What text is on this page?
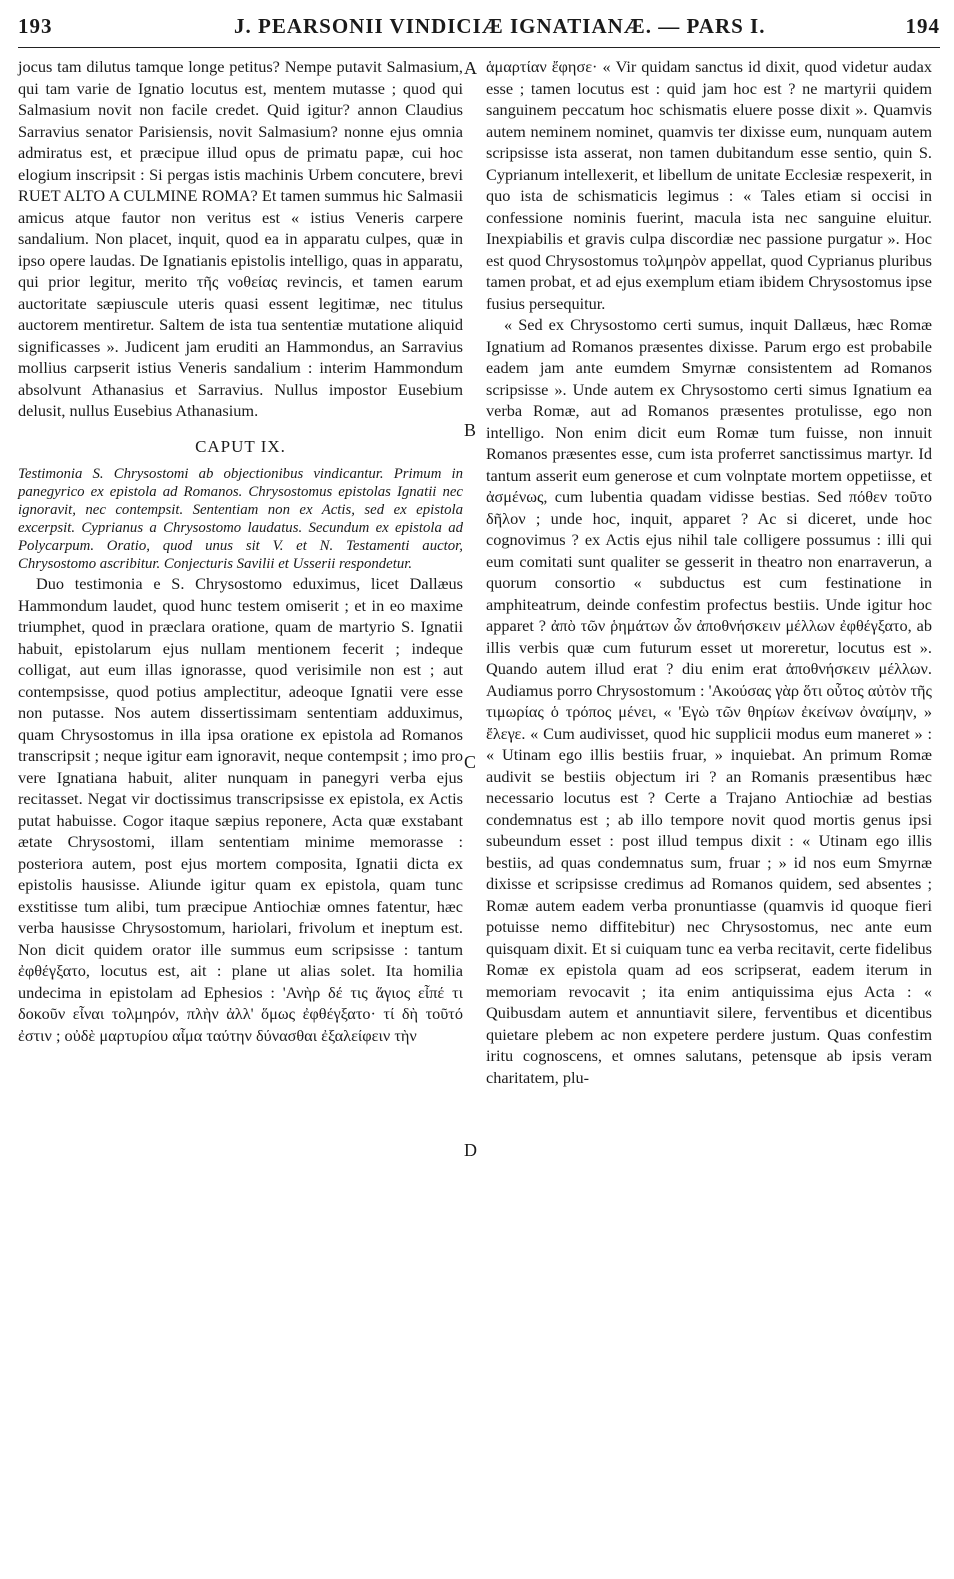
193	J. PEARSONII VINDICIÆ IGNATIANÆ. — PARS I.	194

jocus tam dilutus tamque longe petitus? Nempe putavit Salmasium, qui tam varie de Ignatio locutus est, mentem mutasse ; quod qui Salmasium novit non facile credet. Quid igitur? annon Claudius Sarravius senator Parisiensis, novit Salmasium? nonne ejus omnia admiratus est, et præcipue illud opus de primatu papæ, cui hoc elogium inscripsit : Si pergas istis machinis Urbem concutere, brevi RUET ALTO A CULMINE ROMA? Et tamen summus hic Salmasii amicus atque fautor non veritus est « istius Veneris carpere sandalium. Non placet, inquit, quod ea in apparatu culpes, quæ in ipso opere laudas. De Ignatianis epistolis intelligo, quas in apparatu, qui prior legitur, merito τῆς νοθείας revincis, et tamen earum auctoritate sæpiuscule uteris quasi essent legitimæ, nec titulus auctorem mentiretur. Saltem de ista tua sententiæ mutatione aliquid significasses ». Judicent jam eruditi an Hammondus, an Sarravius mollius carpserit istius Veneris sandalium : interim Hammondum absolvunt Athanasius et Sarravius. Nullus impostor Eusebium delusit, nullus Eusebius Athanasium.

CAPUT IX.

Testimonia S. Chrysostomi ab objectionibus vindicantur. Primum in panegyrico ex epistola ad Romanos. Chrysostomus epistolas Ignatii nec ignoravit, nec contempsit. Sententiam non ex Actis, sed ex epistola excerpsit. Cyprianus a Chrysostomo laudatus. Secundum ex epistola ad Polycarpum. Oratio, quod unus sit V. et N. Testamenti auctor, Chrysostomo ascribitur. Conjecturis Savilii et Usserii respondetur.

Duo testimonia e S. Chrysostomo eduximus, licet Dallæus Hammondum laudet, quod hunc testem omiserit ; et in eo maxime triumphet, quod in præclara oratione, quam de martyrio S. Ignatii habuit, epistolarum ejus nullam mentionem fecerit ; indeque colligat, aut eum illas ignorasse, quod verisimile non est ; aut contempsisse, quod potius amplectitur, adeoque Ignatii vere esse non putasse. Nos autem dissertissimam sententiam adduximus, quam Chrysostomus in illa ipsa oratione ex epistola ad Romanos transcripsit ; neque igitur eam ignoravit, neque contempsit ; imo pro vere Ignatiana habuit, aliter nunquam in panegyri verba ejus recitasset. Negat vir doctissimus transcripsisse ex epistola, ex Actis putat habuisse. Cogor itaque sæpius reponere, Acta quæ exstabant ætate Chrysostomi, illam sententiam minime memorasse : posteriora autem, post ejus mortem composita, Ignatii dicta ex epistolis hausisse. Aliunde igitur quam ex epistola, quam tunc exstitisse tum alibi, tum præcipue Antiochiæ omnes fatentur, hæc verba hausisse Chrysostomum, hariolari, frivolum et ineptum est. Non dicit quidem orator ille summus eum scripsisse : tantum ἐφθέγξατο, locutus est, ait : plane ut alias solet. Ita homilia undecima in epistolam ad Ephesios : 'Ανὴρ δέ τις ἅγιος εἶπέ τι δοκοῦν εἶναι τολμηρόν, πλὴν ἀλλ' ὅμως ἐφθέγξατο· τί δὴ τοῦτό ἐστιν ; οὐδὲ μαρτυρίου αἷμα ταύτην δύνασθαι ἐξαλείφειν τὴν

A
B
C
D

ἁμαρτίαν ἔφησε· « Vir quidam sanctus id dixit, quod videtur audax esse ; tamen locutus est : quid jam hoc est ? ne martyrii quidem sanguinem peccatum hoc schismatis eluere posse dixit ». Quamvis autem neminem nominet, quamvis ter dixisse eum, nunquam autem scripsisse ista asserat, non tamen dubitandum esse sentio, quin S. Cyprianum intellexerit, et libellum de unitate Ecclesiæ respexerit, in quo ista de schismaticis legimus : « Tales etiam si occisi in confessione nominis fuerint, macula ista nec sanguine eluitur. Inexpiabilis et gravis culpa discordiæ nec passione purgatur ». Hoc est quod Chrysostomus τολμηρὸν appellat, quod Cyprianus pluribus tamen probat, et ad ejus exemplum etiam ibidem Chrysostomus ipse fusius persequitur.

« Sed ex Chrysostomo certi sumus, inquit Dallæus, hæc Romæ Ignatium ad Romanos præsentes dixisse. Parum ergo est probabile eadem jam ante eumdem Smyrnæ consistentem ad Romanos scripsisse ». Unde autem ex Chrysostomo certi simus Ignatium ea verba Romæ, aut ad Romanos præsentes protulisse, ego non intelligo. Non enim dicit eum Romæ tum fuisse, non innuit Romanos præsentes esse, cum ista proferret sanctissimus martyr. Id tantum asserit eum generose et cum volnptate mortem oppetiisse, et ἀσμένως, cum lubentia quadam vidisse bestias. Sed πόθεν τοῦτο δῆλον ; unde hoc, inquit, apparet ? Ac si diceret, unde hoc cognovimus ? ex Actis ejus nihil tale colligere possumus : illi qui eum comitati sunt qualiter se gesserit in theatro non enarraverun, a quorum consortio « subductus est cum festinatione in amphiteatrum, deinde confestim profectus bestiis. Unde igitur hoc apparet ? ἀπὸ τῶν ῥημάτων ὧν ἀποθνήσκειν μέλλων ἐφθέγξατο, ab illis verbis quæ cum futurum esset ut moreretur, locutus est ». Quando autem illud erat ? diu enim erat ἀποθνήσκειν μέλλων. Audiamus porro Chrysostomum : 'Ακούσας γὰρ ὅτι οὗτος αὐτὸν τῆς τιμωρίας ὁ τρόπος μένει, « 'Εγὼ τῶν θηρίων ἐκείνων ὀναίμην, » ἔλεγε. « Cum audivisset, quod hic supplicii modus eum maneret » : « Utinam ego illis bestiis fruar, » inquiebat. An primum Romæ audivit se bestiis objectum iri ? an Romanis præsentibus hæc necessario locutus est ? Certe a Trajano Antiochiæ ad bestias condemnatus est ; ab illo tempore novit quod mortis genus ipsi subeundum esset : post illud tempus dixit : « Utinam ego illis bestiis, ad quas condemnatus sum, fruar ; » id nos eum Smyrnæ dixisse et scripsisse credimus ad Romanos quidem, sed absentes ; Romæ autem eadem verba pronuntiasse (quamvis id quoque fieri potuisse nemo diffitebitur) nec Chrysostomus, nec ante eum quisquam dixit. Et si cuiquam tunc ea verba recitavit, certe fidelibus Romæ ex epistola quam ad eos scripserat, eadem iterum in memoriam revocavit ; ita enim antiquissima ejus Acta : « Quibusdam autem et annuntiavit silere, ferventibus et dicentibus quietare plebem ac non expetere perdere justum. Quas confestim iritu cognoscens, et omnes salutans, petensque ab ipsis veram charitatem, plu-
